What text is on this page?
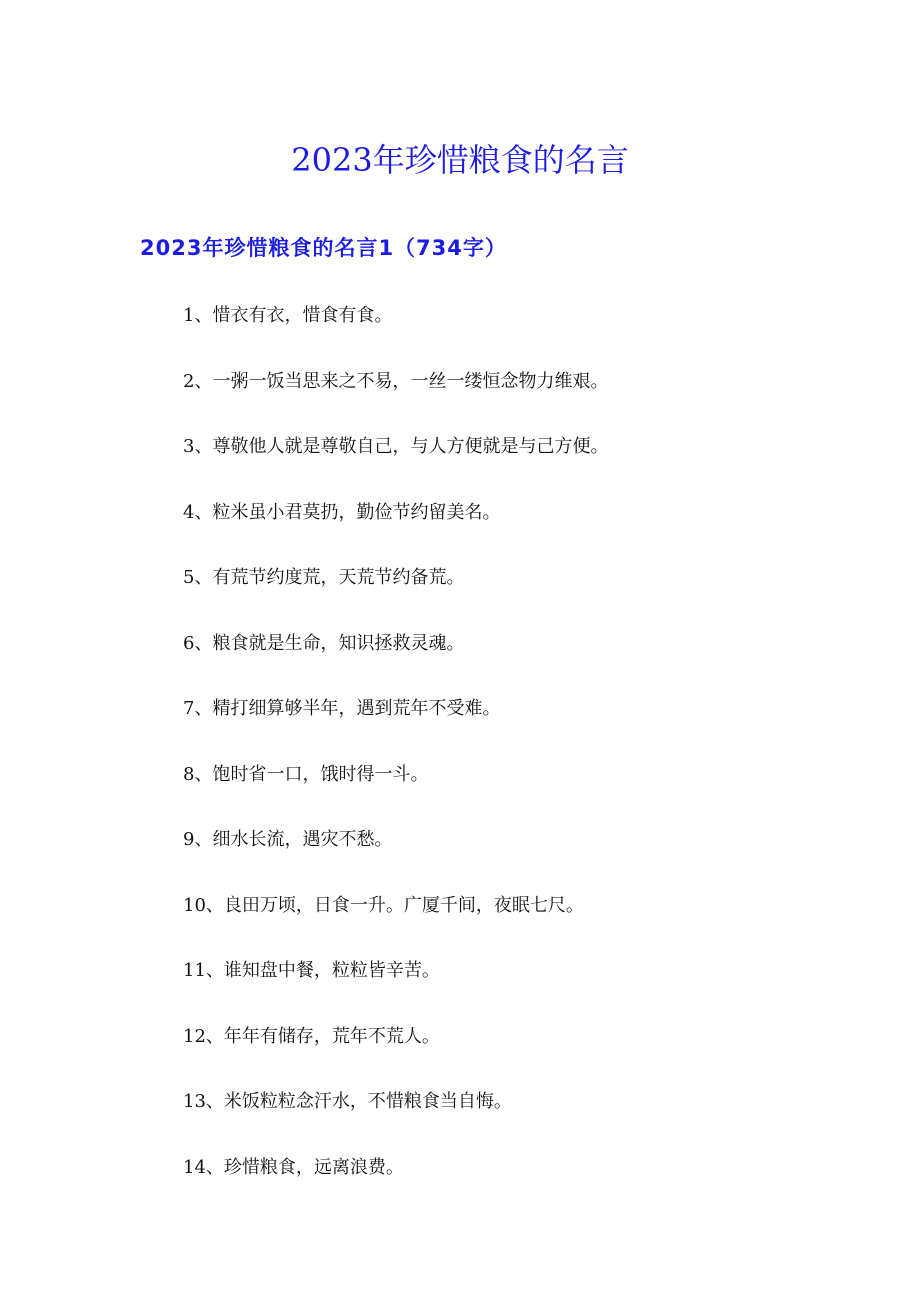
2023年珍惜粮食的名言
2023年珍惜粮食的名言1（734字）
1、惜衣有衣，惜食有食。
2、一粥一饭当思来之不易，一丝一缕恒念物力维艰。
3、尊敬他人就是尊敬自己，与人方便就是与己方便。
4、粒米虽小君莫扔，勤俭节约留美名。
5、有荒节约度荒，天荒节约备荒。
6、粮食就是生命，知识拯救灵魂。
7、精打细算够半年，遇到荒年不受难。
8、饱时省一口，饿时得一斗。
9、细水长流，遇灾不愁。
10、良田万顷，日食一升。广厦千间，夜眠七尺。
11、谁知盘中餐，粒粒皆辛苦。
12、年年有储存，荒年不荒人。
13、米饭粒粒念汗水，不惜粮食当自悔。
14、珍惜粮食，远离浪费。
